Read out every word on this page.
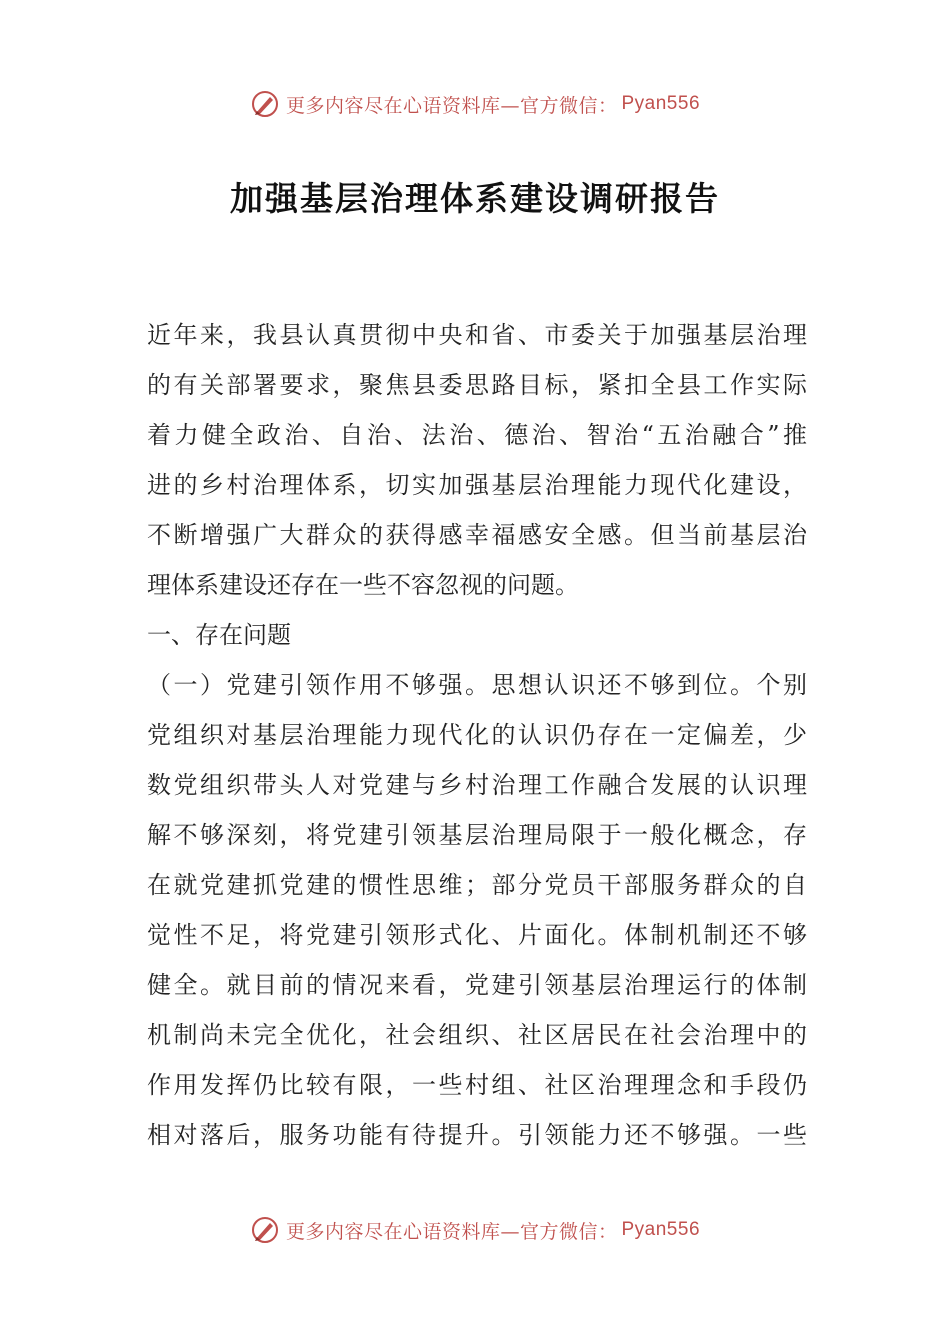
更多内容尽在心语资料库—官方微信： Pyan556
加强基层治理体系建设调研报告
近年来，我县认真贯彻中央和省、市委关于加强基层治理
的有关部署要求，聚焦县委思路目标，紧扣全县工作实际
着力健全政治、自治、法治、德治、智治“五治融合”推
进的乡村治理体系，切实加强基层治理能力现代化建设，
不断增强广大群众的获得感幸福感安全感。但当前基层治
理体系建设还存在一些不容忽视的问题。
一、存在问题
（一）党建引领作用不够强。思想认识还不够到位。个别
党组织对基层治理能力现代化的认识仍存在一定偏差，少
数党组织带头人对党建与乡村治理工作融合发展的认识理
解不够深刻，将党建引领基层治理局限于一般化概念，存
在就党建抓党建的惯性思维；部分党员干部服务群众的自
觉性不足，将党建引领形式化、片面化。体制机制还不够
健全。就目前的情况来看，党建引领基层治理运行的体制
机制尚未完全优化，社会组织、社区居民在社会治理中的
作用发挥仍比较有限，一些村组、社区治理理念和手段仍
相对落后，服务功能有待提升。引领能力还不够强。一些
更多内容尽在心语资料库—官方微信： Pyan556
